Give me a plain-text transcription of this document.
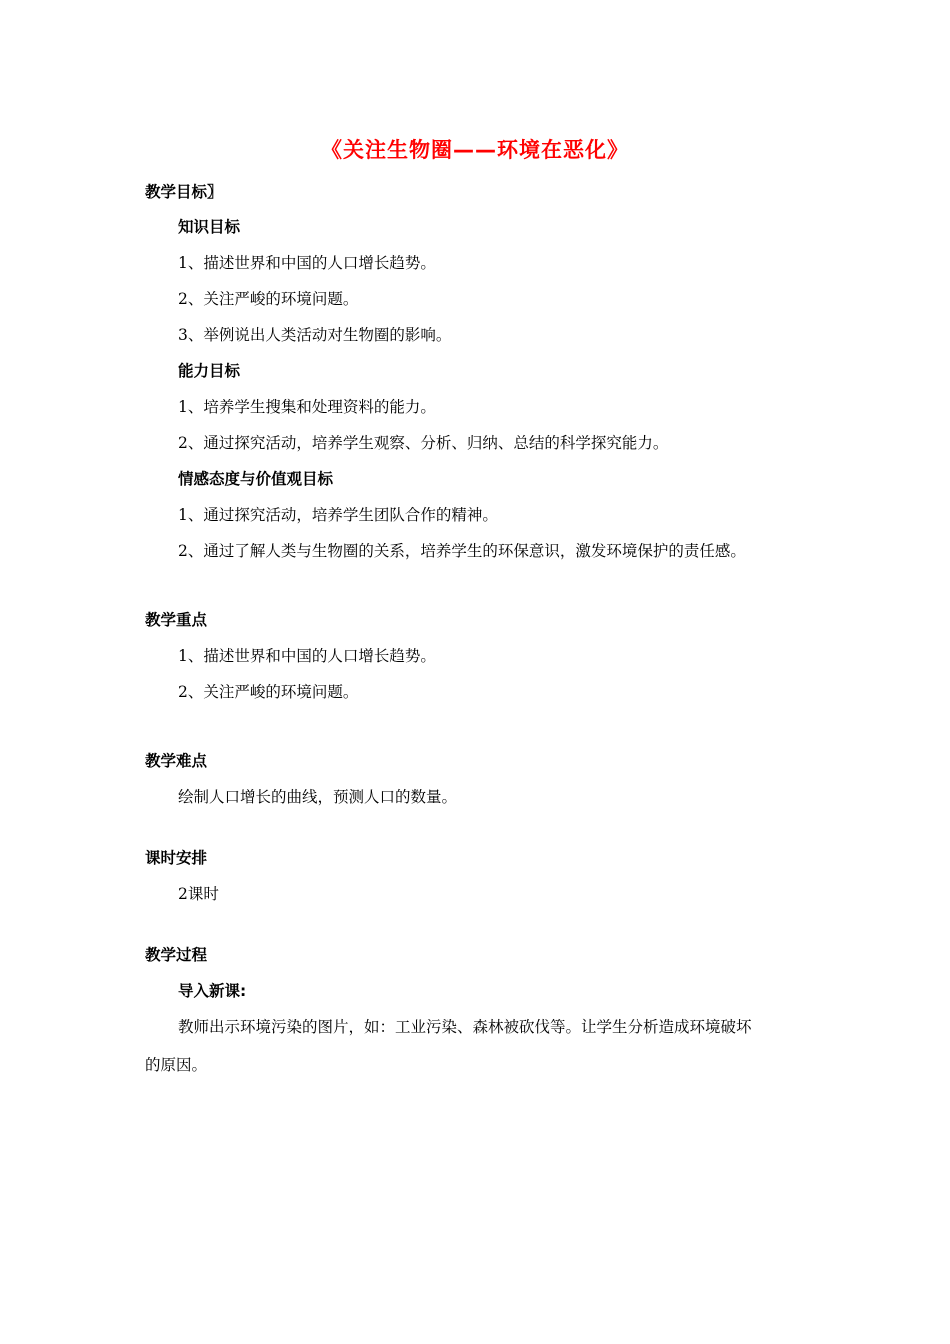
《关注生物圈——环境在恶化》
教学目标〗
知识目标
1、描述世界和中国的人口增长趋势。
2、关注严峻的环境问题。
3、举例说出人类活动对生物圈的影响。
能力目标
1、培养学生搜集和处理资料的能力。
2、通过探究活动，培养学生观察、分析、归纳、总结的科学探究能力。
情感态度与价值观目标
1、通过探究活动，培养学生团队合作的精神。
2、通过了解人类与生物圈的关系，培养学生的环保意识，激发环境保护的责任感。
教学重点
1、描述世界和中国的人口增长趋势。
2、关注严峻的环境问题。
教学难点
绘制人口增长的曲线，预测人口的数量。
课时安排
2课时
教学过程
导入新课:
教师出示环境污染的图片，如：工业污染、森林被砍伐等。让学生分析造成环境破坏
的原因。
